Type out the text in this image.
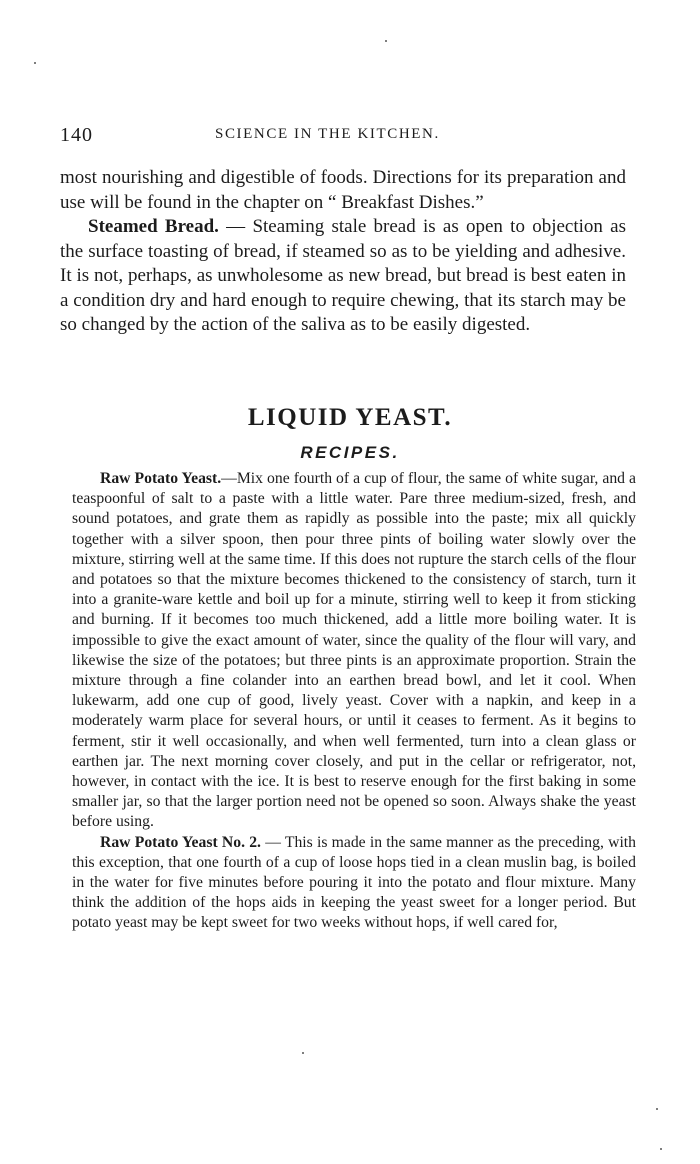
140	SCIENCE IN THE KITCHEN.

most nourishing and digestible of foods. Directions for its preparation and use will be found in the chapter on “ Breakfast Dishes.”

Steamed Bread. — Steaming stale bread is as open to objection as the surface toasting of bread, if steamed so as to be yielding and adhesive. It is not, perhaps, as unwholesome as new bread, but bread is best eaten in a condition dry and hard enough to require chewing, that its starch may be so changed by the action of the saliva as to be easily digested.

LIQUID YEAST.
RECIPES.

Raw Potato Yeast.—Mix one fourth of a cup of flour, the same of white sugar, and a teaspoonful of salt to a paste with a little water. Pare three medium-sized, fresh, and sound potatoes, and grate them as rapidly as possible into the paste; mix all quickly together with a silver spoon, then pour three pints of boiling water slowly over the mixture, stirring well at the same time. If this does not rupture the starch cells of the flour and potatoes so that the mixture becomes thickened to the consistency of starch, turn it into a granite-ware kettle and boil up for a minute, stirring well to keep it from sticking and burning. If it becomes too much thickened, add a little more boiling water. It is impossible to give the exact amount of water, since the quality of the flour will vary, and likewise the size of the potatoes; but three pints is an approximate proportion. Strain the mixture through a fine colander into an earthen bread bowl, and let it cool. When lukewarm, add one cup of good, lively yeast. Cover with a napkin, and keep in a moderately warm place for several hours, or until it ceases to ferment. As it begins to ferment, stir it well occasionally, and when well fermented, turn into a clean glass or earthen jar. The next morning cover closely, and put in the cellar or refrigerator, not, however, in contact with the ice. It is best to reserve enough for the first baking in some smaller jar, so that the larger portion need not be opened so soon. Always shake the yeast before using.

Raw Potato Yeast No. 2. — This is made in the same manner as the preceding, with this exception, that one fourth of a cup of loose hops tied in a clean muslin bag, is boiled in the water for five minutes before pouring it into the potato and flour mixture. Many think the addition of the hops aids in keeping the yeast sweet for a longer period. But potato yeast may be kept sweet for two weeks without hops, if well cared for,
